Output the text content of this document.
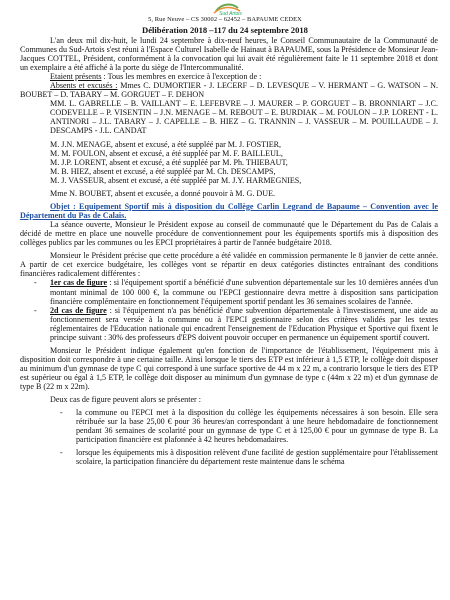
Sud Artois
5, Rue Neuve – CS 30002 – 62452 – BAPAUME CEDEX
Délibération 2018 –117 du 24 septembre 2018

L'an deux mil dix-huit, le lundi 24 septembre à dix-neuf heures, le Conseil Communautaire de la Communauté de Communes du Sud-Artois s'est réuni à l'Espace Culturel Isabelle de Hainaut à BAPAUME, sous la Présidence de Monsieur Jean-Jacques COTTEL, Président, conformément à la convocation qui lui avait été régulièrement faite le 11 septembre 2018 et dont un exemplaire a été affiché à la porte du siège de l'Intercommunalité.

Etaient présents : Tous les membres en exercice à l'exception de :

Absents et excusés : Mmes C. DUMORTIER - J. LECERF – D. LEVESQUE – V. HERMANT – G. WATSON – N. BOUBET – D. TABARY – M. GORGUET – F. DEHON

MM. L. GABRELLE – B. VAILLANT – E. LEFEBVRE – J. MAURER – P. GORGUET – B. BRONNIART – J.C. CODEVELLE – P. VISENTIN – J.N. MENAGE – M. REBOUT – E. BURDIAK – M. FOULON – J.P. LORENT - L. ANTINORI – J.L. TABARY – J. CAPELLE – B. HIEZ – G. TRANNIN – J. VASSEUR – M. POUILLAUDE – J. DESCAMPS - J.L. CANDAT

M. J.N. MENAGE, absent et excusé, a été suppléé par M. J. FOSTIER,

M. M. FOULON, absent et excusé, a été suppléé par M. F. BAILLEUL,

M. J.P. LORENT, absent et excusé, a été suppléé par M. Ph. THIEBAUT,

M. B. HIEZ, absent et excusé, a été suppléé par M. Ch. DESCAMPS,

M. J. VASSEUR, absent et excusé, a été suppléé par M. J.Y. HARMEGNIES,

Mme N. BOUBET, absent et excusée, a donné pouvoir à M. G. DUE.

Objet : Equipement Sportif mis à disposition du Collège Carlin Legrand de Bapaume – Convention avec le Département du Pas de Calais.

La séance ouverte, Monsieur le Président expose au conseil de communauté que le Département du Pas de Calais a décidé de mettre en place une nouvelle procédure de conventionnement pour les équipements sportifs mis à disposition des collèges publics par les communes ou les EPCI propriétaires à partir de l'année budgétaire 2018.

Monsieur le Président précise que cette procédure a été validée en commission permanente le 8 janvier de cette année. A partir de cet exercice budgétaire, les collèges vont se répartir en deux catégories distinctes entraînant des conditions financières radicalement différentes :

- 1er cas de figure : si l'équipement sportif a bénéficié d'une subvention départementale sur les 10 dernières années d'un montant minimal de 100 000 €, la commune ou l'EPCI gestionnaire devra mettre à disposition sans participation financière complémentaire en fonctionnement l'équipement sportif pendant les 36 semaines scolaires de l'année.
- 2d cas de figure : si l'équipement n'a pas bénéficié d'une subvention départementale à l'investissement, une aide au fonctionnement sera versée à la commune ou à l'EPCI gestionnaire selon des critères validés par les textes réglementaires de l'Education nationale qui encadrent l'enseignement de l'Education Physique et Sportive qui fixent le principe suivant : 30% des professeurs d'EPS doivent pouvoir occuper en permanence un équipement sportif couvert.

Monsieur le Président indique également qu'en fonction de l'importance de l'établissement, l'équipement mis à disposition doit correspondre à une certaine taille. Ainsi lorsque le tiers des ETP est inférieur à 1,5 ETP, le collège doit disposer au minimum d'un gymnase de type C qui correspond à une surface sportive de 44 m x 22 m, a contrario lorsque le tiers des ETP est supérieur ou égal à 1,5 ETP, le collège doit disposer au minimum d'un gymnase de type c (44m x 22 m) et d'un gymnase de type B (22 m x 22m).

Deux cas de figure peuvent alors se présenter :

- la commune ou l'EPCI met à la disposition du collège les équipements nécessaires à son besoin. Elle sera rétribuée sur la base 25,00 € pour 36 heures/an correspondant à une heure hebdomadaire de fonctionnement pendant 36 semaines de scolarité pour un gymnase de type C et à 125,00 € pour un gymnase de type B. La participation financière est plafonnée à 42 heures hebdomadaires.
- lorsque les équipements mis à disposition relèvent d'une facilité de gestion supplémentaire pour l'établissement scolaire, la participation financière du département reste maintenue dans le schéma
